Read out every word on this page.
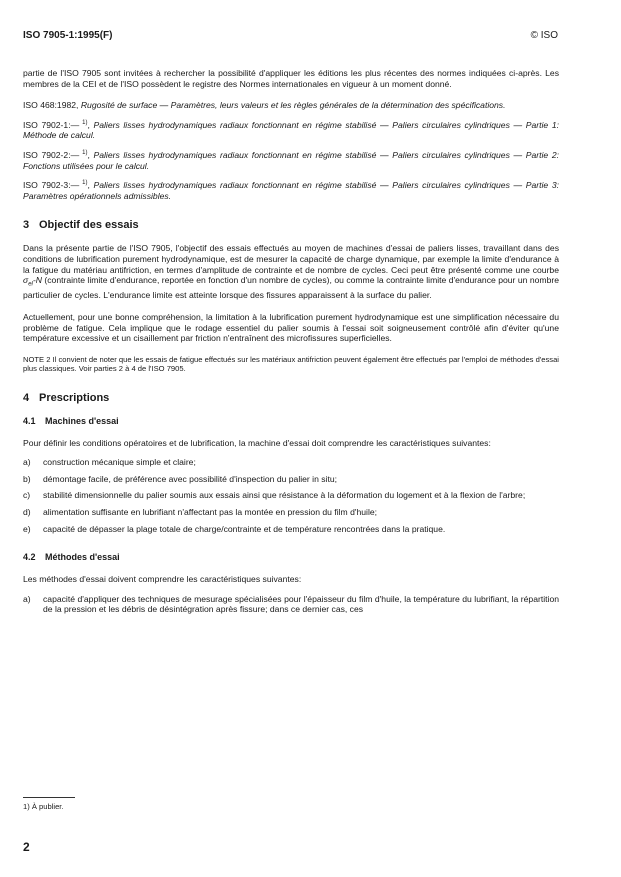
ISO 7905-1:1995(F)	© ISO

partie de l'ISO 7905 sont invitées à rechercher la possibilité d'appliquer les éditions les plus récentes des normes indiquées ci-après. Les membres de la CEI et de l'ISO possèdent le registre des Normes internationales en vigueur à un moment donné.

ISO 468:1982, Rugosité de surface — Paramètres, leurs valeurs et les règles générales de la détermination des spécifications.

ISO 7902-1:— $^{1)}$, Paliers lisses hydrodynamiques radiaux fonctionnant en régime stabilisé — Paliers circulaires cylindriques — Partie 1: Méthode de calcul.

ISO 7902-2:— $^{1)}$, Paliers lisses hydrodynamiques radiaux fonctionnant en régime stabilisé — Paliers circulaires cylindriques — Partie 2: Fonctions utilisées pour le calcul.

ISO 7902-3:— $^{1)}$, Paliers lisses hydrodynamiques radiaux fonctionnant en régime stabilisé — Paliers circulaires cylindriques — Partie 3: Paramètres opérationnels admissibles.

3 Objectif des essais

Dans la présente partie de l'ISO 7905, l'objectif des essais effectués au moyen de machines d'essai de paliers lisses, travaillant dans des conditions de lubrification purement hydrodynamique, est de mesurer la capacité de charge dynamique, par exemple la limite d'endurance à la fatigue du matériau antifriction, en termes d'amplitude de contrainte et de nombre de cycles. Ceci peut être présenté comme une courbe $\sigma_{el}-N$ (contrainte limite d'endurance, reportée en fonction d'un nombre de cycles), ou comme la contrainte limite d'endurance pour un nombre particulier de cycles. L'endurance limite est atteinte lorsque des fissures apparaissent à la surface du palier.

Actuellement, pour une bonne compréhension, la limitation à la lubrification purement hydrodynamique est une simplification nécessaire du problème de fatigue. Cela implique que le rodage essentiel du palier soumis à l'essai soit soigneusement contrôlé afin d'éviter qu'une température excessive et un cisaillement par friction n'entraînent des microfissures superficielles.

NOTE 2 Il convient de noter que les essais de fatigue effectués sur les matériaux antifriction peuvent également être effectués par l'emploi de méthodes d'essai plus classiques. Voir parties 2 à 4 de l'ISO 7905.

4 Prescriptions
4.1 Machines d'essai

Pour définir les conditions opératoires et de lubrification, la machine d'essai doit comprendre les caractéristiques suivantes:

a)	construction mécanique simple et claire;
b)	démontage facile, de préférence avec possibilité d'inspection du palier in situ;
c)	stabilité dimensionnelle du palier soumis aux essais ainsi que résistance à la déformation du logement et à la flexion de l'arbre;
d)	alimentation suffisante en lubrifiant n'affectant pas la montée en pression du film d'huile;
e)	capacité de dépasser la plage totale de charge/contrainte et de température rencontrées dans la pratique.
4.2 Méthodes d'essai

Les méthodes d'essai doivent comprendre les caractéristiques suivantes:

a)	capacité d'appliquer des techniques de mesurage spécialisées pour l'épaisseur du film d'huile, la température du lubrifiant, la répartition de la pression et les débris de désintégration après fissure; dans ce dernier cas, ces
1) À publier.
2
